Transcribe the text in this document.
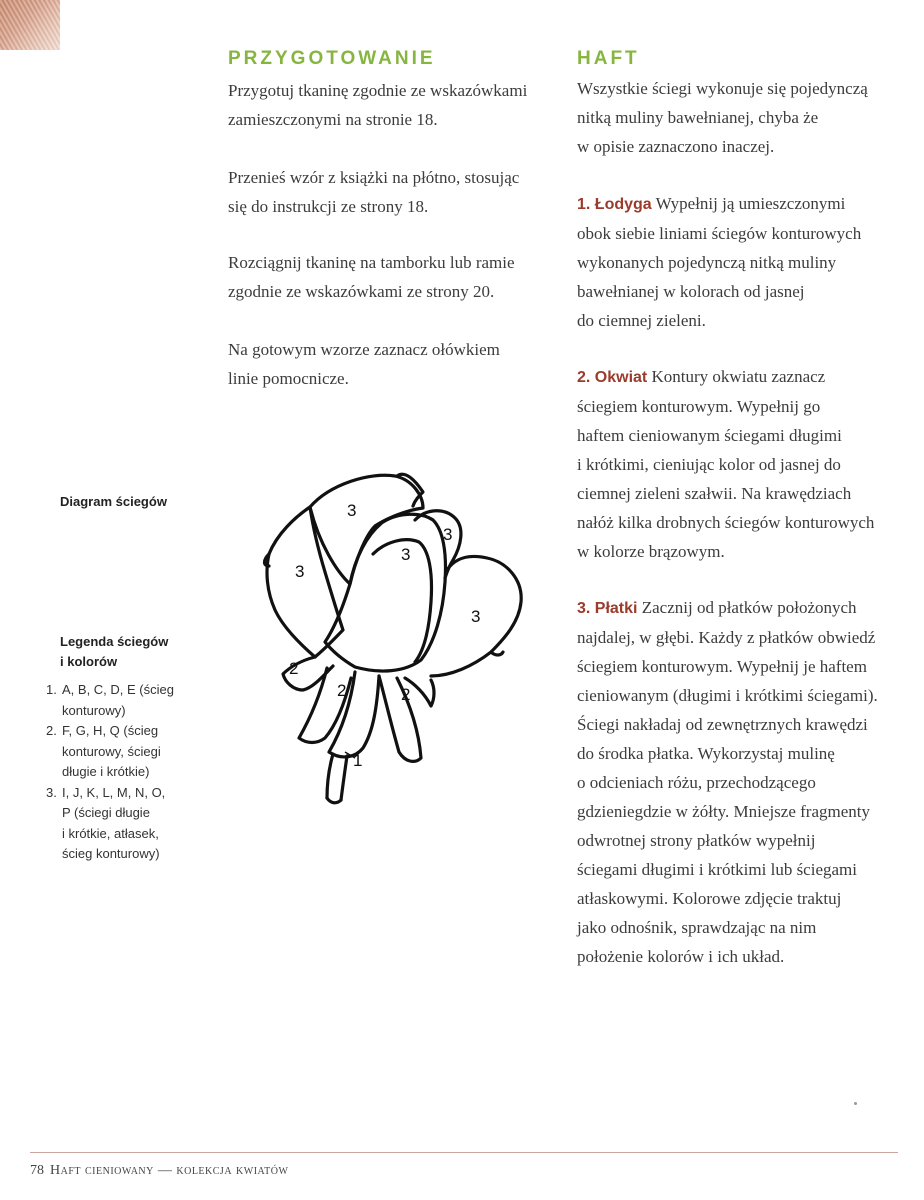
PRZYGOTOWANIE

Przygotuj tkaninę zgodnie ze wskazówkami
zamieszczonymi na stronie 18.

Przenieś wzór z książki na płótno, stosując
się do instrukcji ze strony 18.

Rozciągnij tkaninę na tamborku lub ramie
zgodnie ze wskazówkami ze strony 20.

Na gotowym wzorze zaznacz ołówkiem
linie pomocnicze.

Diagram ściegów

Legenda ściegów
i kolorów

1. A, B, C, D, E (ścieg
konturowy)
2. F, G, H, Q (ścieg
konturowy, ściegi
długie i krótkie)
3. I, J, K, L, M, N, O,
P (ściegi długie
i krótkie, atłasek,
ścieg konturowy)
3
3
3
3
3
2
2	2
1
HAFT

Wszystkie ściegi wykonuje się pojedynczą
nitką muliny bawełnianej, chyba że
w opisie zaznaczono inaczej.

1. Łodyga Wypełnij ją umieszczonymi
obok siebie liniami ściegów konturowych
wykonanych pojedynczą nitką muliny
bawełnianej w kolorach od jasnej
do ciemnej zieleni.

2. Okwiat Kontury okwiatu zaznacz
ściegiem konturowym. Wypełnij go
haftem cieniowanym ściegami długimi
i krótkimi, cieniując kolor od jasnej do
ciemnej zieleni szałwii. Na krawędziach
nałóż kilka drobnych ściegów konturowych
w kolorze brązowym.

3. Płatki Zacznij od płatków położonych
najdalej, w głębi. Każdy z płatków obwiedź
ściegiem konturowym. Wypełnij je haftem
cieniowanym (długimi i krótkimi ściegami).
Ściegi nakładaj od zewnętrznych krawędzi
do środka płatka. Wykorzystaj mulinę
o odcieniach różu, przechodzącego
gdzieniegdzie w żółty. Mniejsze fragmenty
odwrotnej strony płatków wypełnij
ściegami długimi i krótkimi lub ściegami
atłaskowymi. Kolorowe zdjęcie traktuj
jako odnośnik, sprawdzając na nim
położenie kolorów i ich układ.

78 Haft cieniowany — kolekcja kwiatów
